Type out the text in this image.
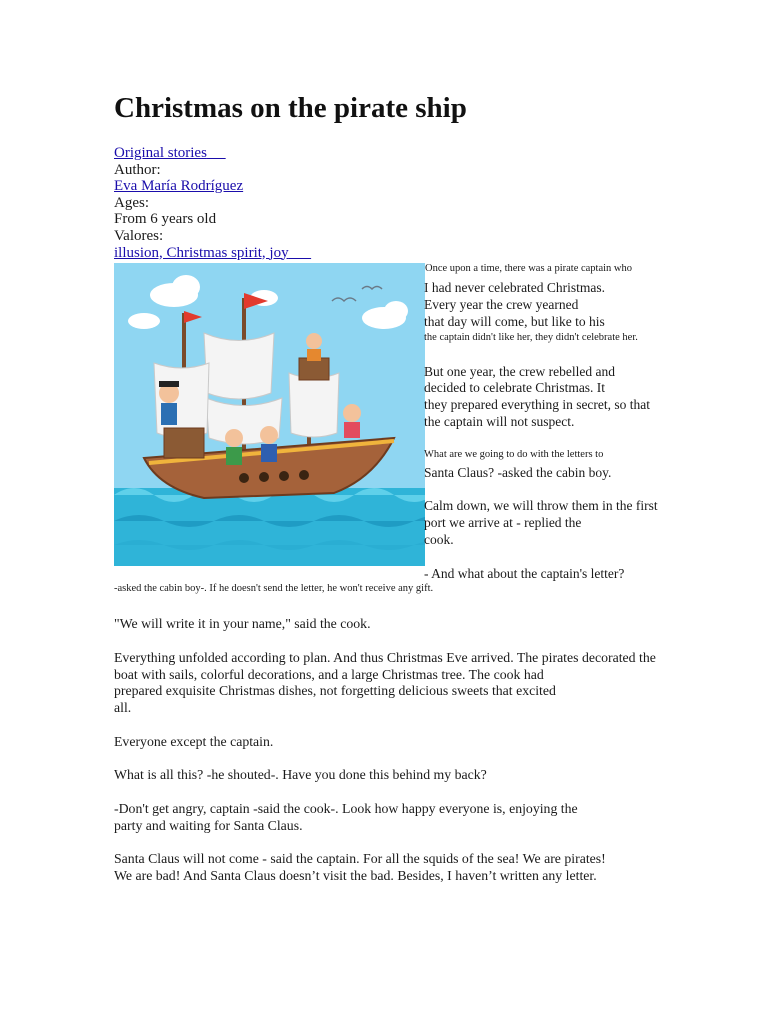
Christmas on the pirate ship
Original stories
Author:
Eva María Rodríguez
Ages:
From 6 years old
Valores:
illusion, Christmas spirit, joy
Once upon a time, there was a pirate captain who
I had never celebrated Christmas.
Every year the crew yearned
that day will come, but like to his
the captain didn't like her, they didn't celebrate her.
But one year, the crew rebelled and
decided to celebrate Christmas. It
they prepared everything in secret, so that
the captain will not suspect.
What are we going to do with the letters to
Santa Claus? -asked the cabin boy.
Calm down, we will throw them in the first
port we arrive at - replied the
cook.
- And what about the captain's letter?
-asked the cabin boy-. If he doesn't send the letter, he won't receive any gift.
"We will write it in your name," said the cook.
Everything unfolded according to plan. And thus Christmas Eve arrived. The pirates decorated the
boat with sails, colorful decorations, and a large Christmas tree. The cook had
prepared exquisite Christmas dishes, not forgetting delicious sweets that excited
all.
Everyone except the captain.
What is all this? -he shouted-. Have you done this behind my back?
-Don't get angry, captain -said the cook-. Look how happy everyone is, enjoying the
party and waiting for Santa Claus.
Santa Claus will not come - said the captain. For all the squids of the sea! We are pirates!
We are bad! And Santa Claus doesn’t visit the bad. Besides, I haven’t written any letter.
